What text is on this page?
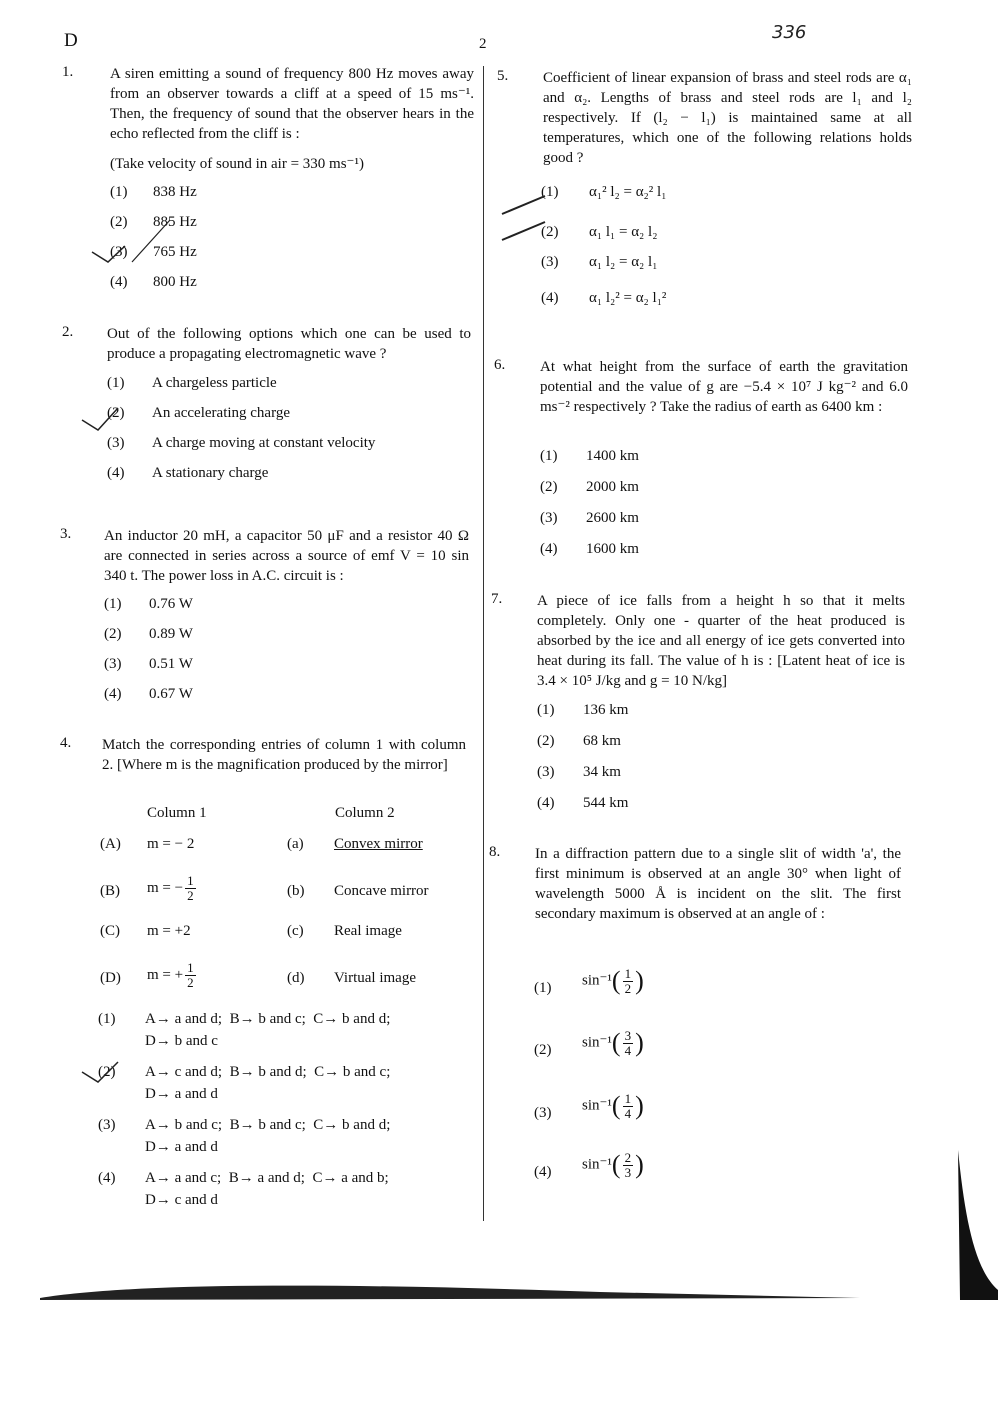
D	2
336
1. A siren emitting a sound of frequency 800 Hz moves away from an observer towards a cliff at a speed of 15 ms⁻¹. Then, the frequency of sound that the observer hears in the echo reflected from the cliff is :
(Take velocity of sound in air = 330 ms⁻¹)
(1) 838 Hz
(2) 885 Hz
(3) 765 Hz
(4) 800 Hz
2. Out of the following options which one can be used to produce a propagating electromagnetic wave ?
(1) A chargeless particle
(2) An accelerating charge
(3) A charge moving at constant velocity
(4) A stationary charge
3. An inductor 20 mH, a capacitor 50 μF and a resistor 40 Ω are connected in series across a source of emf V = 10 sin 340 t. The power loss in A.C. circuit is :
(1) 0.76 W
(2) 0.89 W
(3) 0.51 W
(4) 0.67 W
4. Match the corresponding entries of column 1 with column 2. [Where m is the magnification produced by the mirror]
Column 1	Column 2
(A) m = − 2	(a) Convex mirror
(B) m = − $\frac{1}{2}$	(b) Concave mirror
(C) m = +2	(c) Real image
(D) m = + $\frac{1}{2}$	(d) Virtual image
(1) A→ a and d;  B→ b and c;  C→ b and d;
D→ b and c
(2) A→ c and d;  B→ b and d;  C→ b and c;
D→ a and d
(3) A→ b and c;  B→ b and c;  C→ b and d;
D→ a and d
(4) A→ a and c;  B→ a and d;  C→ a and b;
D→ c and d
5. Coefficient of linear expansion of brass and steel rods are α₁ and α₂. Lengths of brass and steel rods are l₁ and l₂ respectively. If (l₂ − l₁) is maintained same at all temperatures, which one of the following relations holds good ?
(1) α₁² l₂ = α₂² l₁
(2) α₁ l₁ = α₂ l₂
(3) α₁ l₂ = α₂ l₁
(4) α₁ l₂² = α₂ l₁²
6. At what height from the surface of earth the gravitation potential and the value of g are −5.4 × 10⁷ J kg⁻² and 6.0 ms⁻² respectively ? Take the radius of earth as 6400 km :
(1) 1400 km
(2) 2000 km
(3) 2600 km
(4) 1600 km
7. A piece of ice falls from a height h so that it melts completely. Only one - quarter of the heat produced is absorbed by the ice and all energy of ice gets converted into heat during its fall. The value of h is : [Latent heat of ice is 3.4 × 10⁵ J/kg and g = 10 N/kg]
(1) 136 km
(2) 68 km
(3) 34 km
(4) 544 km
8. In a diffraction pattern due to a single slit of width 'a', the first minimum is observed at an angle 30° when light of wavelength 5000 Å is incident on the slit. The first secondary maximum is observed at an angle of :
(1) $\sin^{-1}( \frac{1}{2}$ )
(2) $\sin^{-1}( \frac{3}{4}$ )
(3) $\sin^{-1}( \frac{1}{4}$ )
(4) $\sin^{-1}( \frac{2}{3}$ )
